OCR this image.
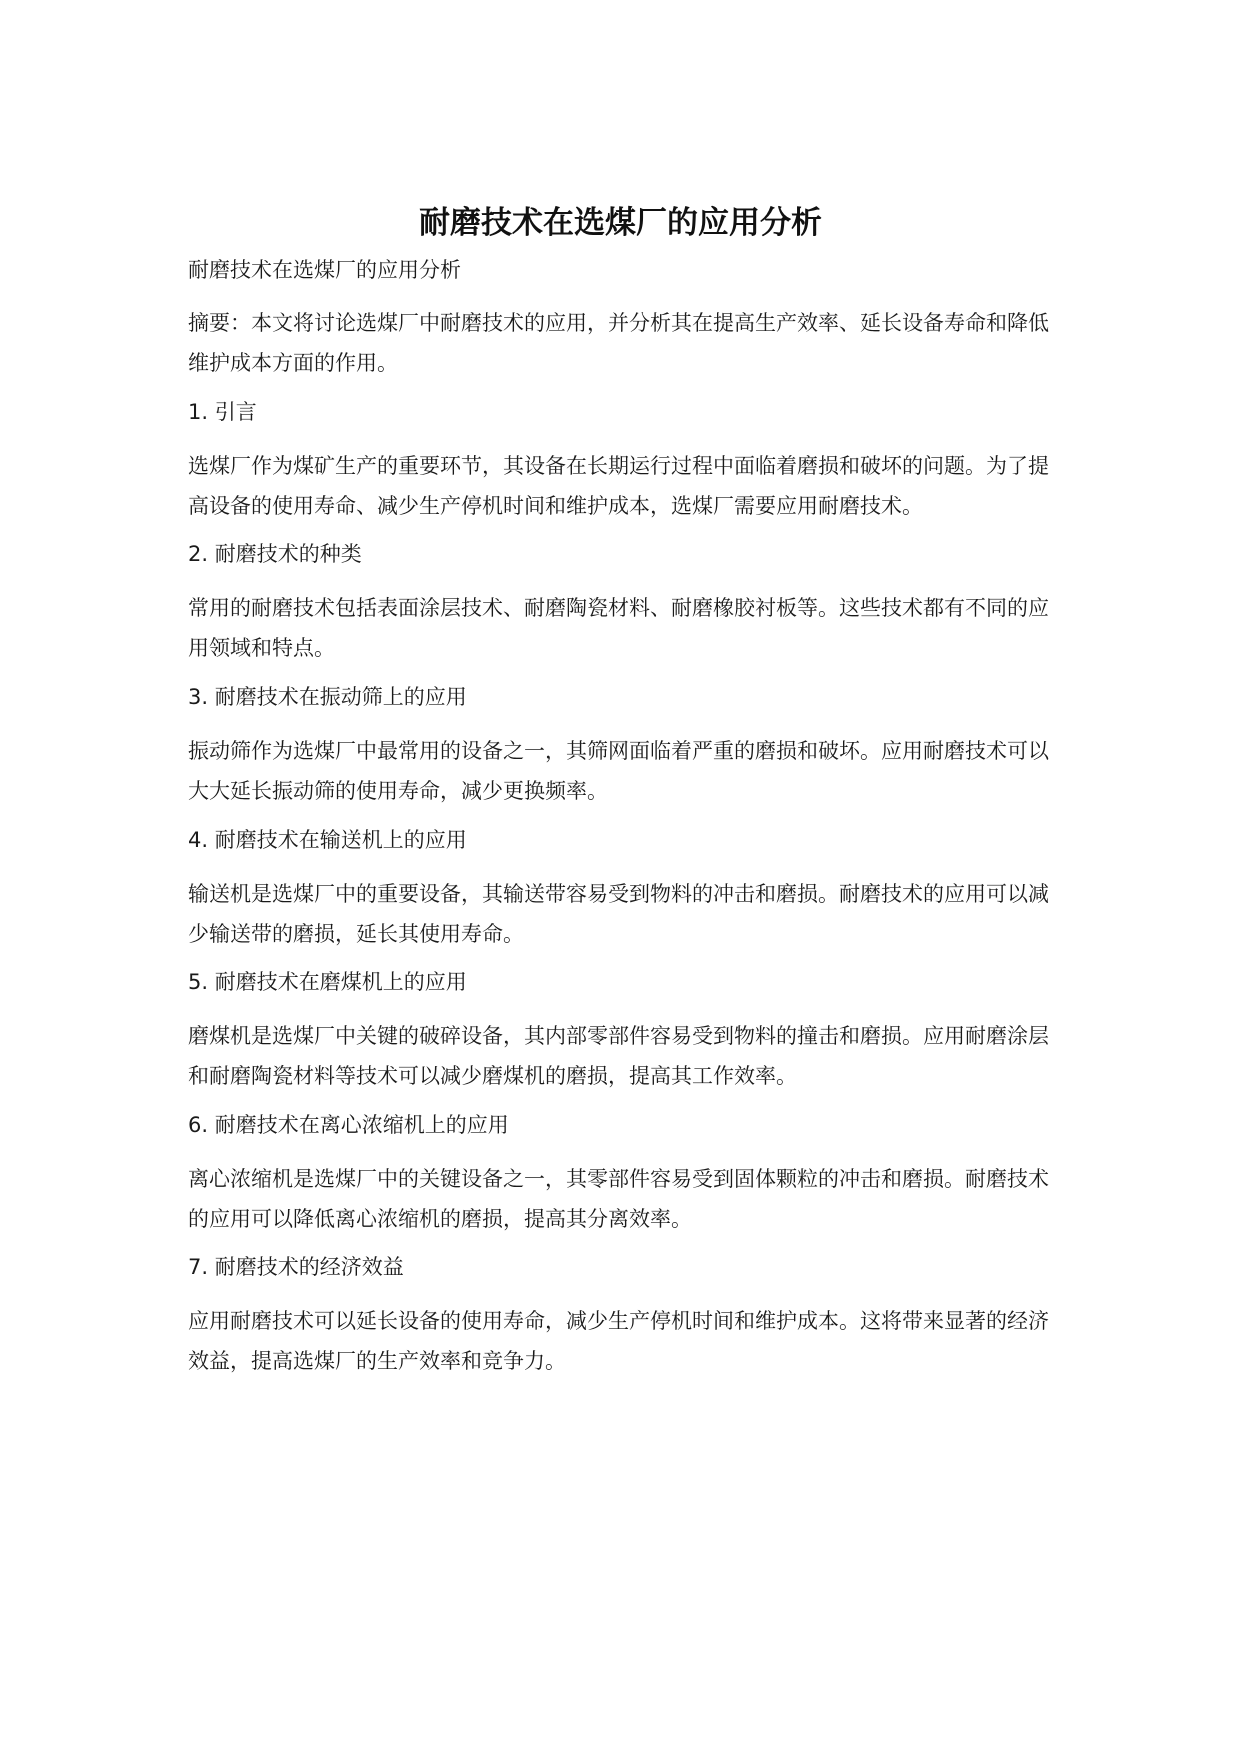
耐磨技术在选煤厂的应用分析

耐磨技术在选煤厂的应用分析

摘要：本文将讨论选煤厂中耐磨技术的应用，并分析其在提高生产效率、延长设备寿命和降低维护成本方面的作用。

1. 引言

选煤厂作为煤矿生产的重要环节，其设备在长期运行过程中面临着磨损和破坏的问题。为了提高设备的使用寿命、减少生产停机时间和维护成本，选煤厂需要应用耐磨技术。

2. 耐磨技术的种类

常用的耐磨技术包括表面涂层技术、耐磨陶瓷材料、耐磨橡胶衬板等。这些技术都有不同的应用领域和特点。

3. 耐磨技术在振动筛上的应用

振动筛作为选煤厂中最常用的设备之一，其筛网面临着严重的磨损和破坏。应用耐磨技术可以大大延长振动筛的使用寿命，减少更换频率。

4. 耐磨技术在输送机上的应用

输送机是选煤厂中的重要设备，其输送带容易受到物料的冲击和磨损。耐磨技术的应用可以减少输送带的磨损，延长其使用寿命。

5. 耐磨技术在磨煤机上的应用

磨煤机是选煤厂中关键的破碎设备，其内部零部件容易受到物料的撞击和磨损。应用耐磨涂层和耐磨陶瓷材料等技术可以减少磨煤机的磨损，提高其工作效率。

6. 耐磨技术在离心浓缩机上的应用

离心浓缩机是选煤厂中的关键设备之一，其零部件容易受到固体颗粒的冲击和磨损。耐磨技术的应用可以降低离心浓缩机的磨损，提高其分离效率。

7. 耐磨技术的经济效益

应用耐磨技术可以延长设备的使用寿命，减少生产停机时间和维护成本。这将带来显著的经济效益，提高选煤厂的生产效率和竞争力。
